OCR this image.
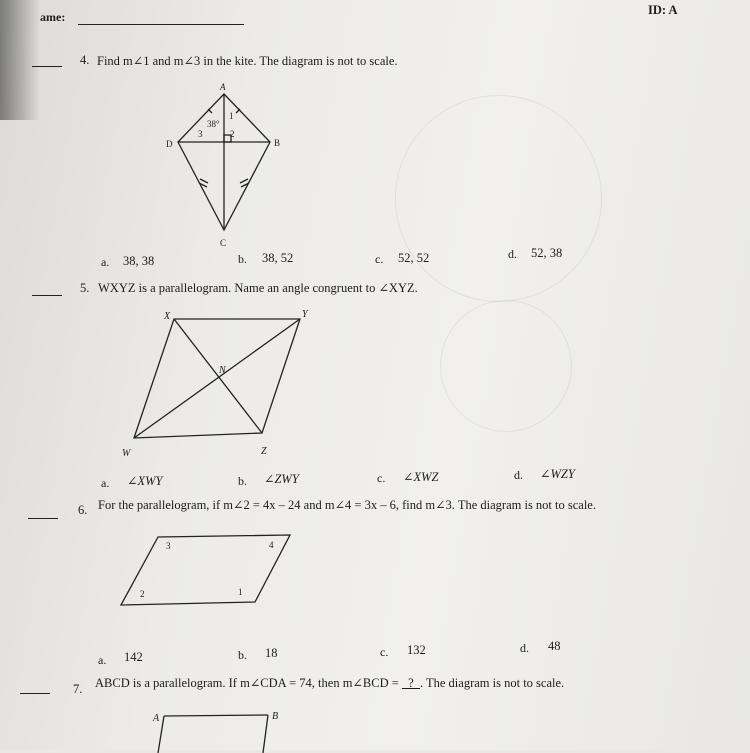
ame:	ID: A
4. Find m∠1 and m∠3 in the kite. The diagram is not to scale.
A
B
C
D
1
2
3
38°
a. 38, 38	b. 38, 52	c. 52, 52	d. 52, 38
5. WXYZ is a parallelogram. Name an angle congruent to ∠XYZ.
X	Y
W	Z
N
a. ∠XWY	b. ∠ZWY	c. ∠XWZ	d. ∠WZY
6. For the parallelogram, if m∠2 = 4x – 24 and m∠4 = 3x – 6, find m∠3. The diagram is not to scale.
3	4
2	1
a. 142	b. 18	c. 132	d. 48
7. ABCD is a parallelogram. If m∠CDA = 74, then m∠BCD =   ?  . The diagram is not to scale.
A	B
